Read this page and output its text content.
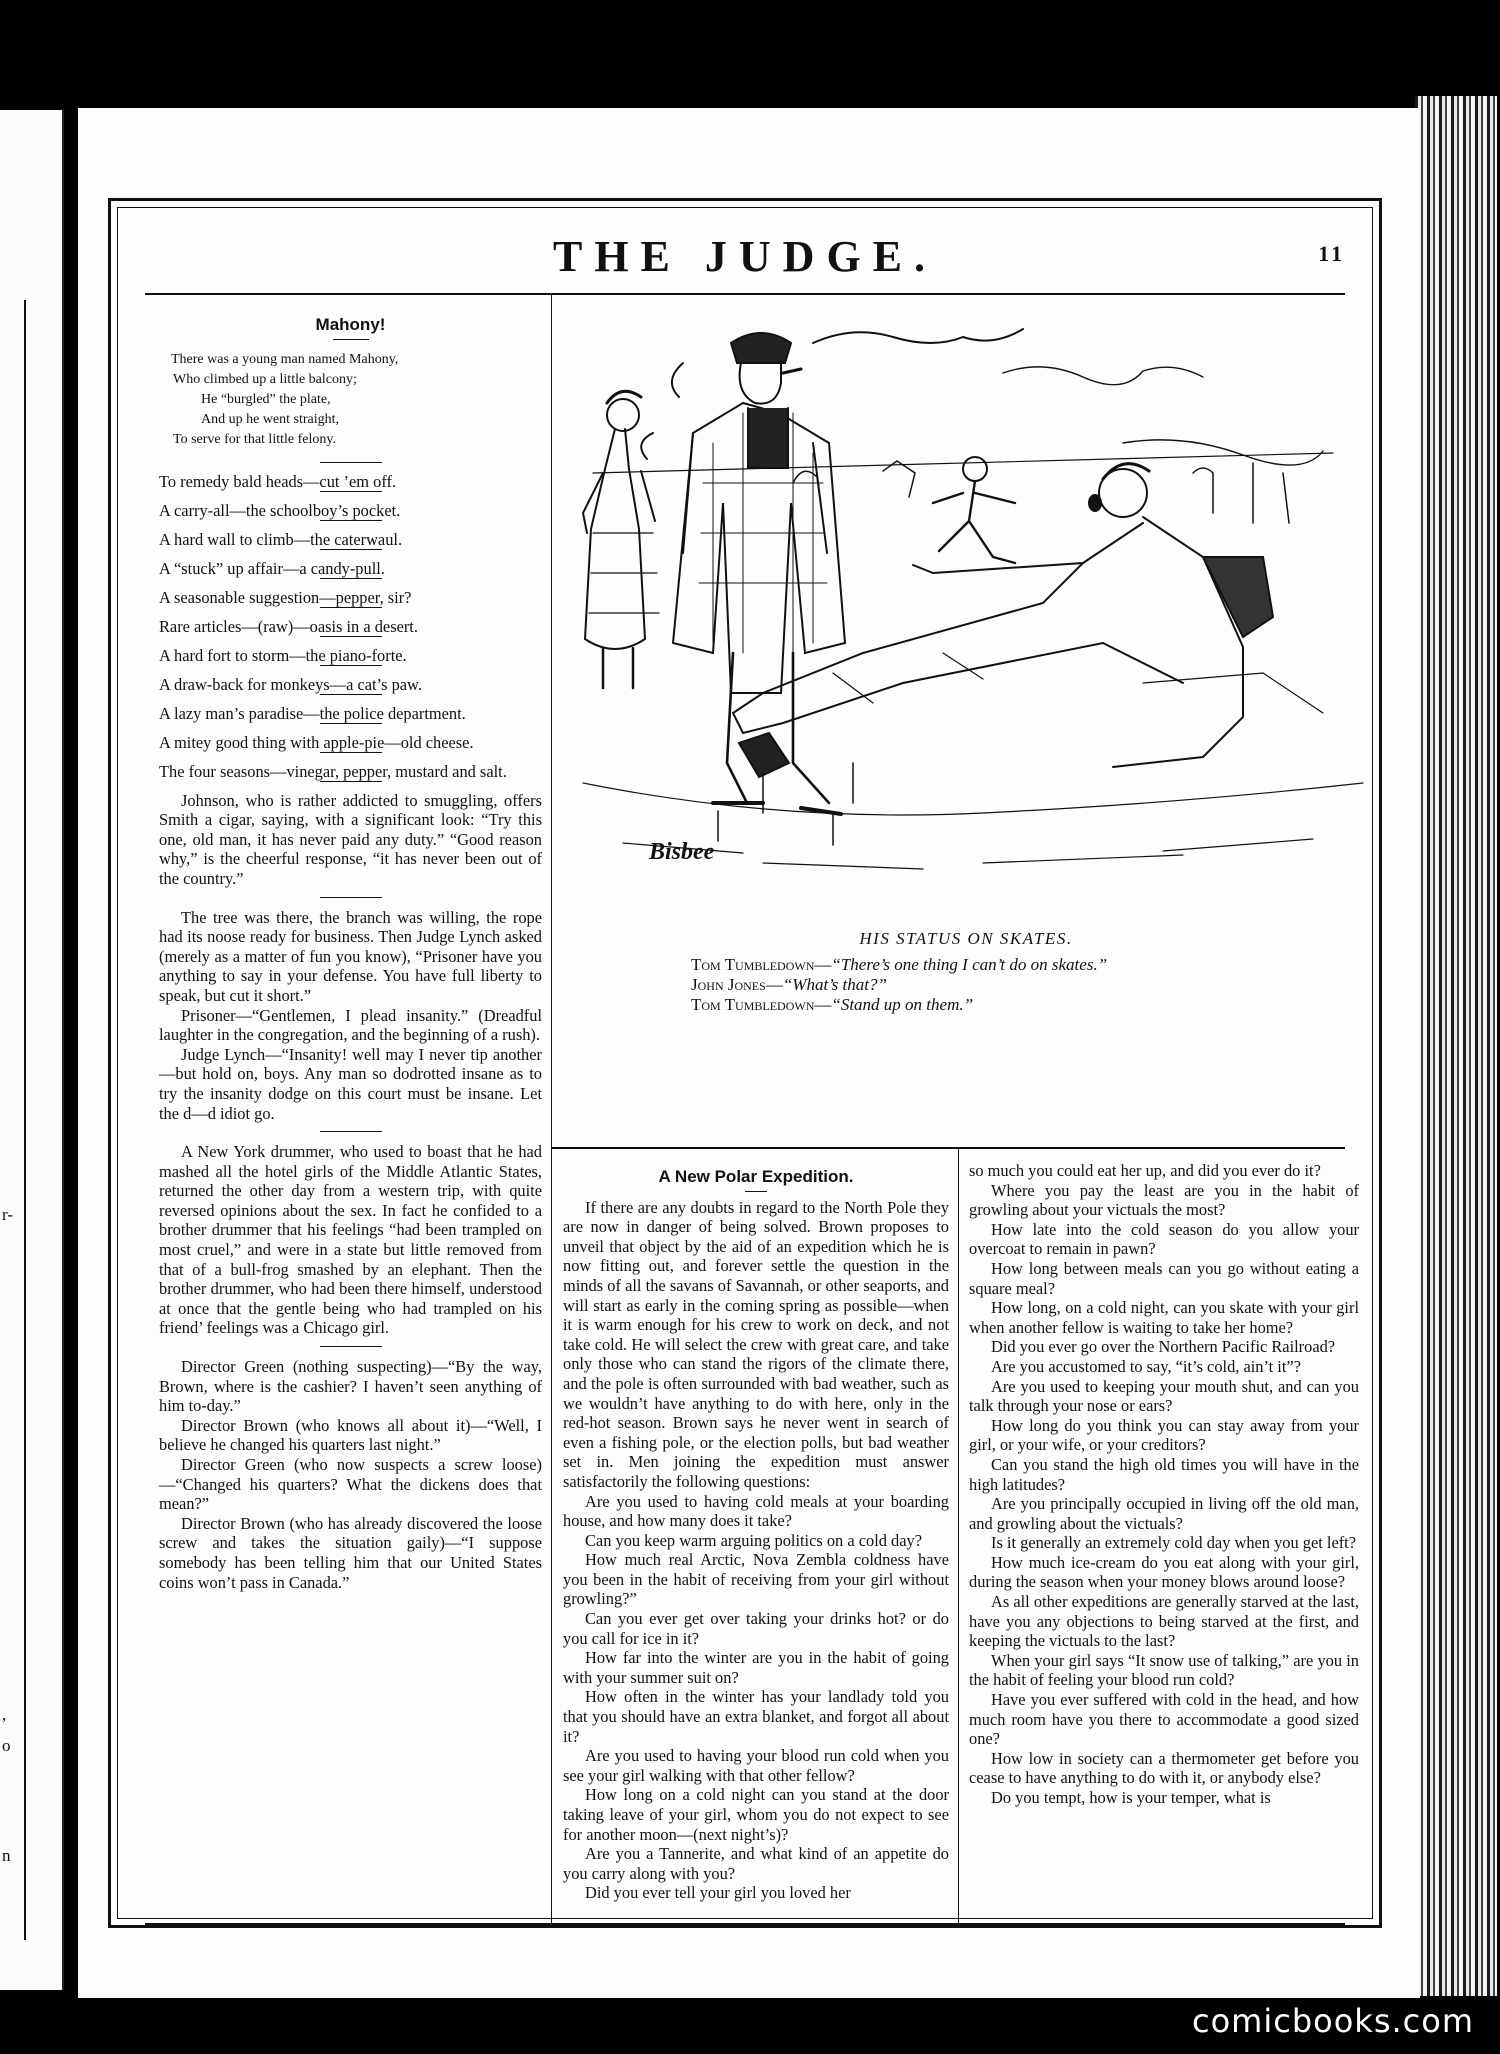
r-
,
o
n
THE JUDGE.	11
Mahony!
There was a young man named Mahony,
Who climbed up a little balcony;
He “burgled” the plate,
And up he went straight,
To serve for that little felony.

To remedy bald heads—cut ’em off.

A carry-all—the schoolboy’s pocket.

A hard wall to climb—the caterwaul.

A “stuck” up affair—a candy-pull.

A seasonable suggestion—pepper, sir?

Rare articles—(raw)—oasis in a desert.

A hard fort to storm—the piano-forte.

A draw-back for monkeys—a cat’s paw.

A lazy man’s paradise—the police department.

A mitey good thing with apple-pie—old cheese.

The four seasons—vinegar, pepper, mustard and salt.

Johnson, who is rather addicted to smuggling, offers Smith a cigar, saying, with a significant look: “Try this one, old man, it has never paid any duty.” “Good reason why,” is the cheerful response, “it has never been out of the country.”

The tree was there, the branch was willing, the rope had its noose ready for business. Then Judge Lynch asked (merely as a matter of fun you know), “Prisoner have you anything to say in your defense. You have full liberty to speak, but cut it short.”

Prisoner—“Gentlemen, I plead insanity.” (Dreadful laughter in the congregation, and the beginning of a rush).

Judge Lynch—“Insanity! well may I never tip another—but hold on, boys. Any man so dodrotted insane as to try the insanity dodge on this court must be insane. Let the d—d idiot go.

A New York drummer, who used to boast that he had mashed all the hotel girls of the Middle Atlantic States, returned the other day from a western trip, with quite reversed opinions about the sex. In fact he confided to a brother drummer that his feelings “had been trampled on most cruel,” and were in a state but little removed from that of a bull-frog smashed by an elephant. Then the brother drummer, who had been there himself, understood at once that the gentle being who had trampled on his friend’ feelings was a Chicago girl.

Director Green (nothing suspecting)—“By the way, Brown, where is the cashier? I haven’t seen anything of him to-day.”

Director Brown (who knows all about it)—“Well, I believe he changed his quarters last night.”

Director Green (who now suspects a screw loose)—“Changed his quarters? What the dickens does that mean?”

Director Brown (who has already discovered the loose screw and takes the situation gaily)—“I suppose somebody has been telling him that our United States coins won’t pass in Canada.”

Bisbee
HIS STATUS ON SKATES.
Tom Tumbledown—“There’s one thing I can’t do on skates.”
John Jones—“What’s that?”
Tom Tumbledown—“Stand up on them.”
A New Polar Expedition.

If there are any doubts in regard to the North Pole they are now in danger of being solved. Brown proposes to unveil that object by the aid of an expedition which he is now fitting out, and forever settle the question in the minds of all the savans of Savannah, or other seaports, and will start as early in the coming spring as possible—when it is warm enough for his crew to work on deck, and not take cold. He will select the crew with great care, and take only those who can stand the rigors of the climate there, and the pole is often surrounded with bad weather, such as we wouldn’t have anything to do with here, only in the red-hot season. Brown says he never went in search of even a fishing pole, or the election polls, but bad weather set in. Men joining the expedition must answer satisfactorily the following questions:

Are you used to having cold meals at your boarding house, and how many does it take?

Can you keep warm arguing politics on a cold day?

How much real Arctic, Nova Zembla coldness have you been in the habit of receiving from your girl without growling?”

Can you ever get over taking your drinks hot? or do you call for ice in it?

How far into the winter are you in the habit of going with your summer suit on?

How often in the winter has your landlady told you that you should have an extra blanket, and forgot all about it?

Are you used to having your blood run cold when you see your girl walking with that other fellow?

How long on a cold night can you stand at the door taking leave of your girl, whom you do not expect to see for another moon—(next night’s)?

Are you a Tannerite, and what kind of an appetite do you carry along with you?

Did you ever tell your girl you loved her

so much you could eat her up, and did you ever do it?

Where you pay the least are you in the habit of growling about your victuals the most?

How late into the cold season do you allow your overcoat to remain in pawn?

How long between meals can you go without eating a square meal?

How long, on a cold night, can you skate with your girl when another fellow is waiting to take her home?

Did you ever go over the Northern Pacific Railroad?

Are you accustomed to say, “it’s cold, ain’t it”?

Are you used to keeping your mouth shut, and can you talk through your nose or ears?

How long do you think you can stay away from your girl, or your wife, or your creditors?

Can you stand the high old times you will have in the high latitudes?

Are you principally occupied in living off the old man, and growling about the victuals?

Is it generally an extremely cold day when you get left?

How much ice-cream do you eat along with your girl, during the season when your money blows around loose?

As all other expeditions are generally starved at the last, have you any objections to being starved at the first, and keeping the victuals to the last?

When your girl says “It snow use of talking,” are you in the habit of feeling your blood run cold?

Have you ever suffered with cold in the head, and how much room have you there to accommodate a good sized one?

How low in society can a thermometer get before you cease to have anything to do with it, or anybody else?

Do you tempt, how is your temper, what is

comicbooks.com
